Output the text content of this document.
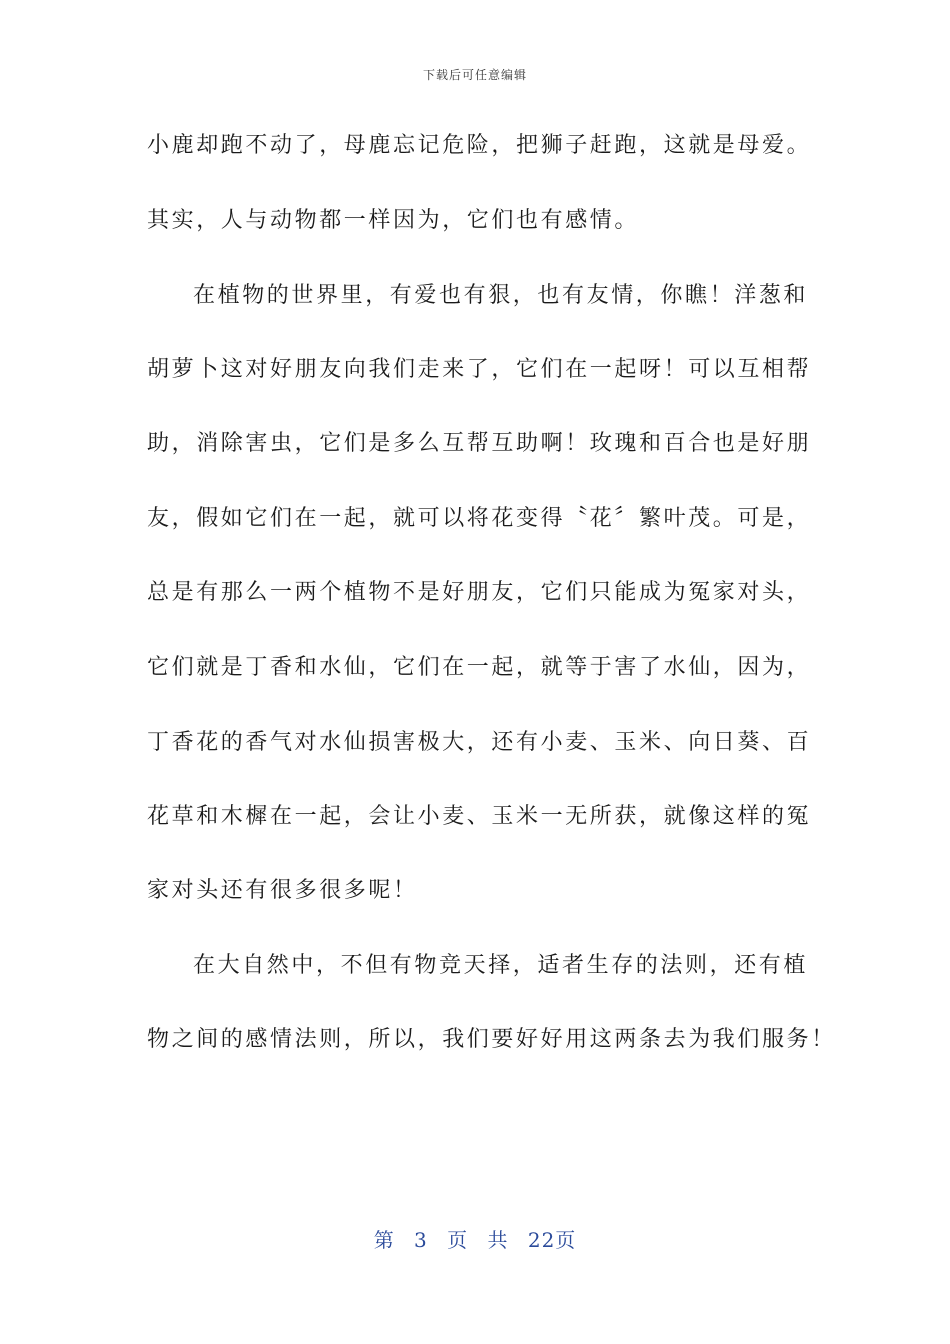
下载后可任意编辑
小鹿却跑不动了，母鹿忘记危险，把狮子赶跑，这就是母爱。
其实，人与动物都一样因为，它们也有感情。
在植物的世界里，有爱也有狠，也有友情，你瞧！洋葱和
胡萝卜这对好朋友向我们走来了，它们在一起呀！可以互相帮
助，消除害虫，它们是多么互帮互助啊！玫瑰和百合也是好朋
友，假如它们在一起，就可以将花变得〝花〞繁叶茂。可是，
总是有那么一两个植物不是好朋友，它们只能成为冤家对头，
它们就是丁香和水仙，它们在一起，就等于害了水仙，因为，
丁香花的香气对水仙损害极大，还有小麦、玉米、向日葵、百
花草和木樨在一起，会让小麦、玉米一无所获，就像这样的冤
家对头还有很多很多呢！
在大自然中，不但有物竞天择，适者生存的法则，还有植
物之间的感情法则，所以，我们要好好用这两条去为我们服务！
第 3 页 共 22页
